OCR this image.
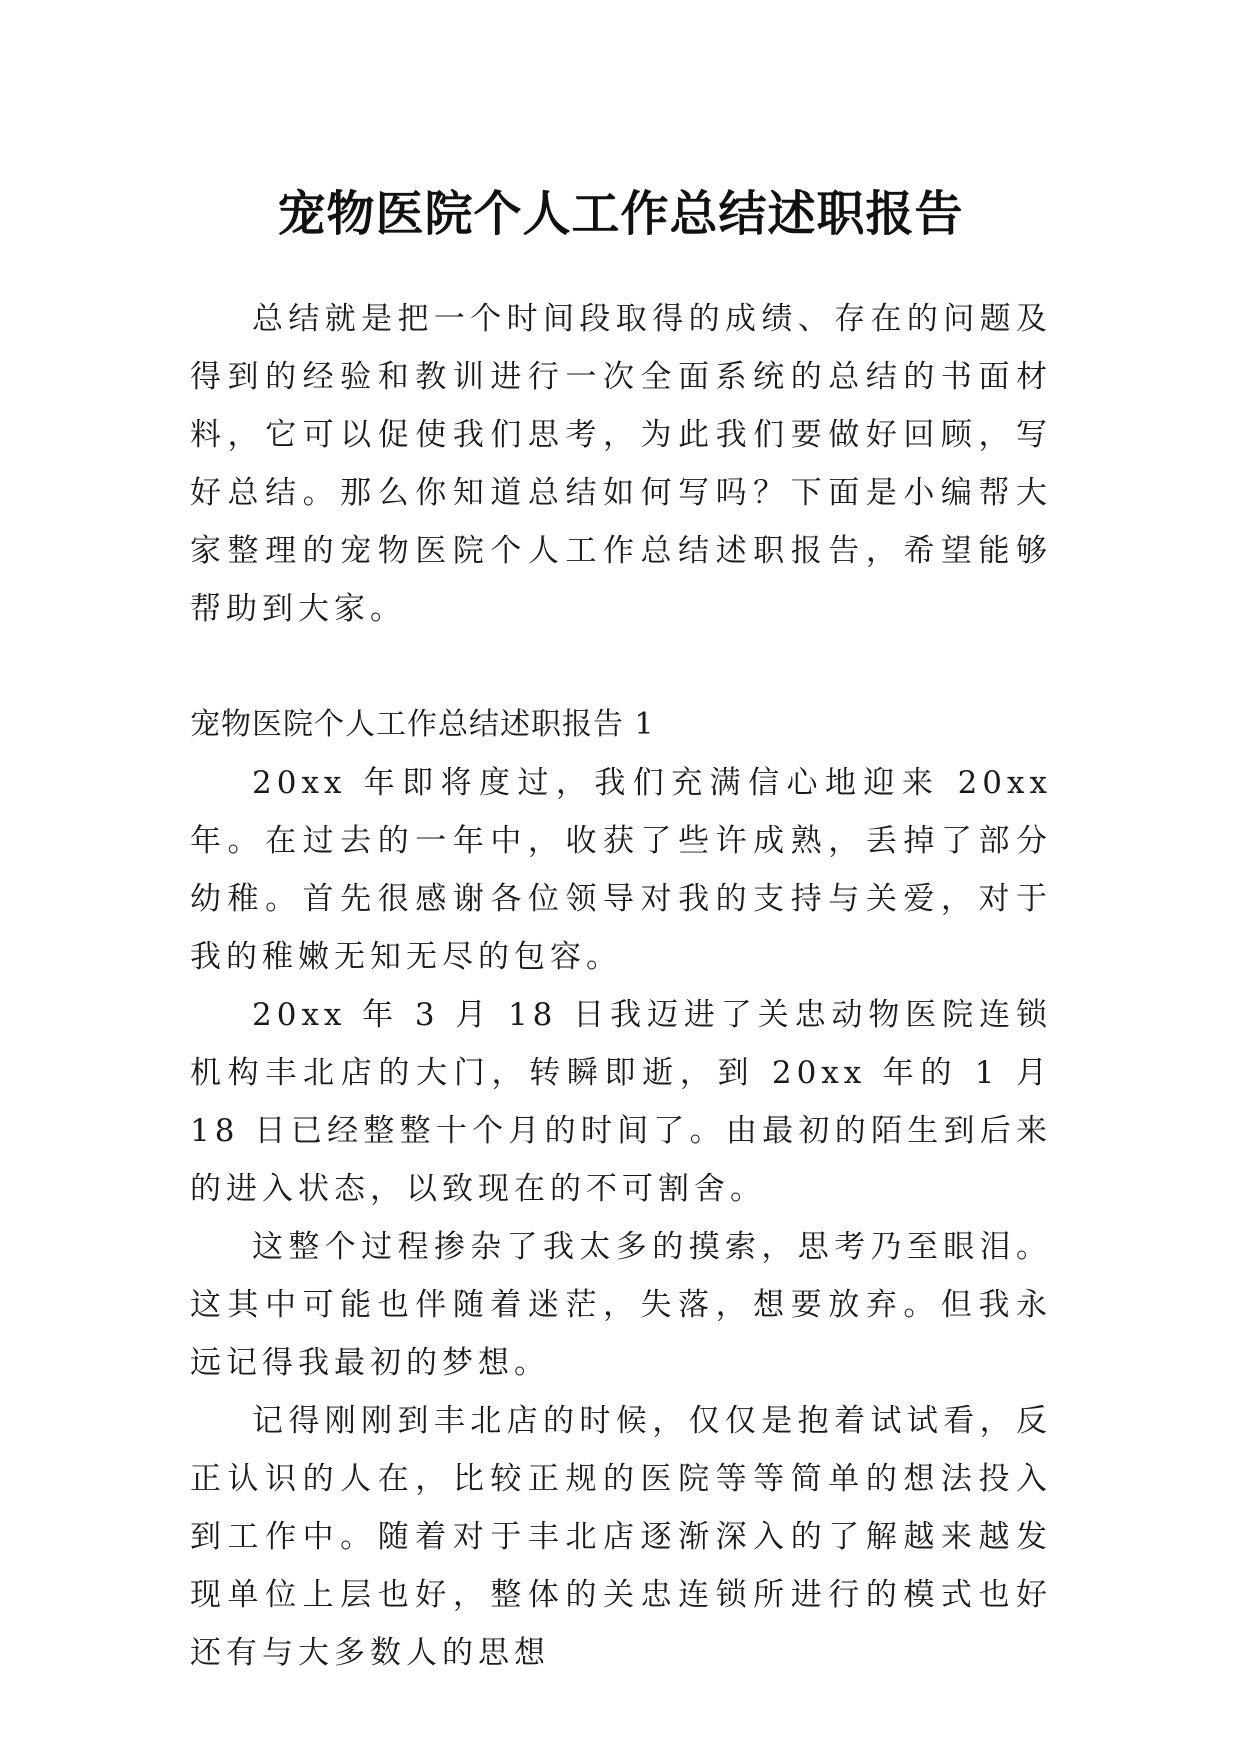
宠物医院个人工作总结述职报告

总结就是把一个时间段取得的成绩、存在的问题及得到的经验和教训进行一次全面系统的总结的书面材料，它可以促使我们思考，为此我们要做好回顾，写好总结。那么你知道总结如何写吗？下面是小编帮大家整理的宠物医院个人工作总结述职报告，希望能够帮助到大家。

宠物医院个人工作总结述职报告 1

20xx 年即将度过，我们充满信心地迎来 20xx 年。在过去的一年中，收获了些许成熟，丢掉了部分幼稚。首先很感谢各位领导对我的支持与关爱，对于我的稚嫩无知无尽的包容。

20xx 年 3 月 18 日我迈进了关忠动物医院连锁机构丰北店的大门，转瞬即逝，到 20xx 年的 1 月 18 日已经整整十个月的时间了。由最初的陌生到后来的进入状态，以致现在的不可割舍。

这整个过程掺杂了我太多的摸索，思考乃至眼泪。这其中可能也伴随着迷茫，失落，想要放弃。但我永远记得我最初的梦想。

记得刚刚到丰北店的时候，仅仅是抱着试试看，反正认识的人在，比较正规的医院等等简单的想法投入到工作中。随着对于丰北店逐渐深入的了解越来越发现单位上层也好，整体的关忠连锁所进行的模式也好还有与大多数人的思想
